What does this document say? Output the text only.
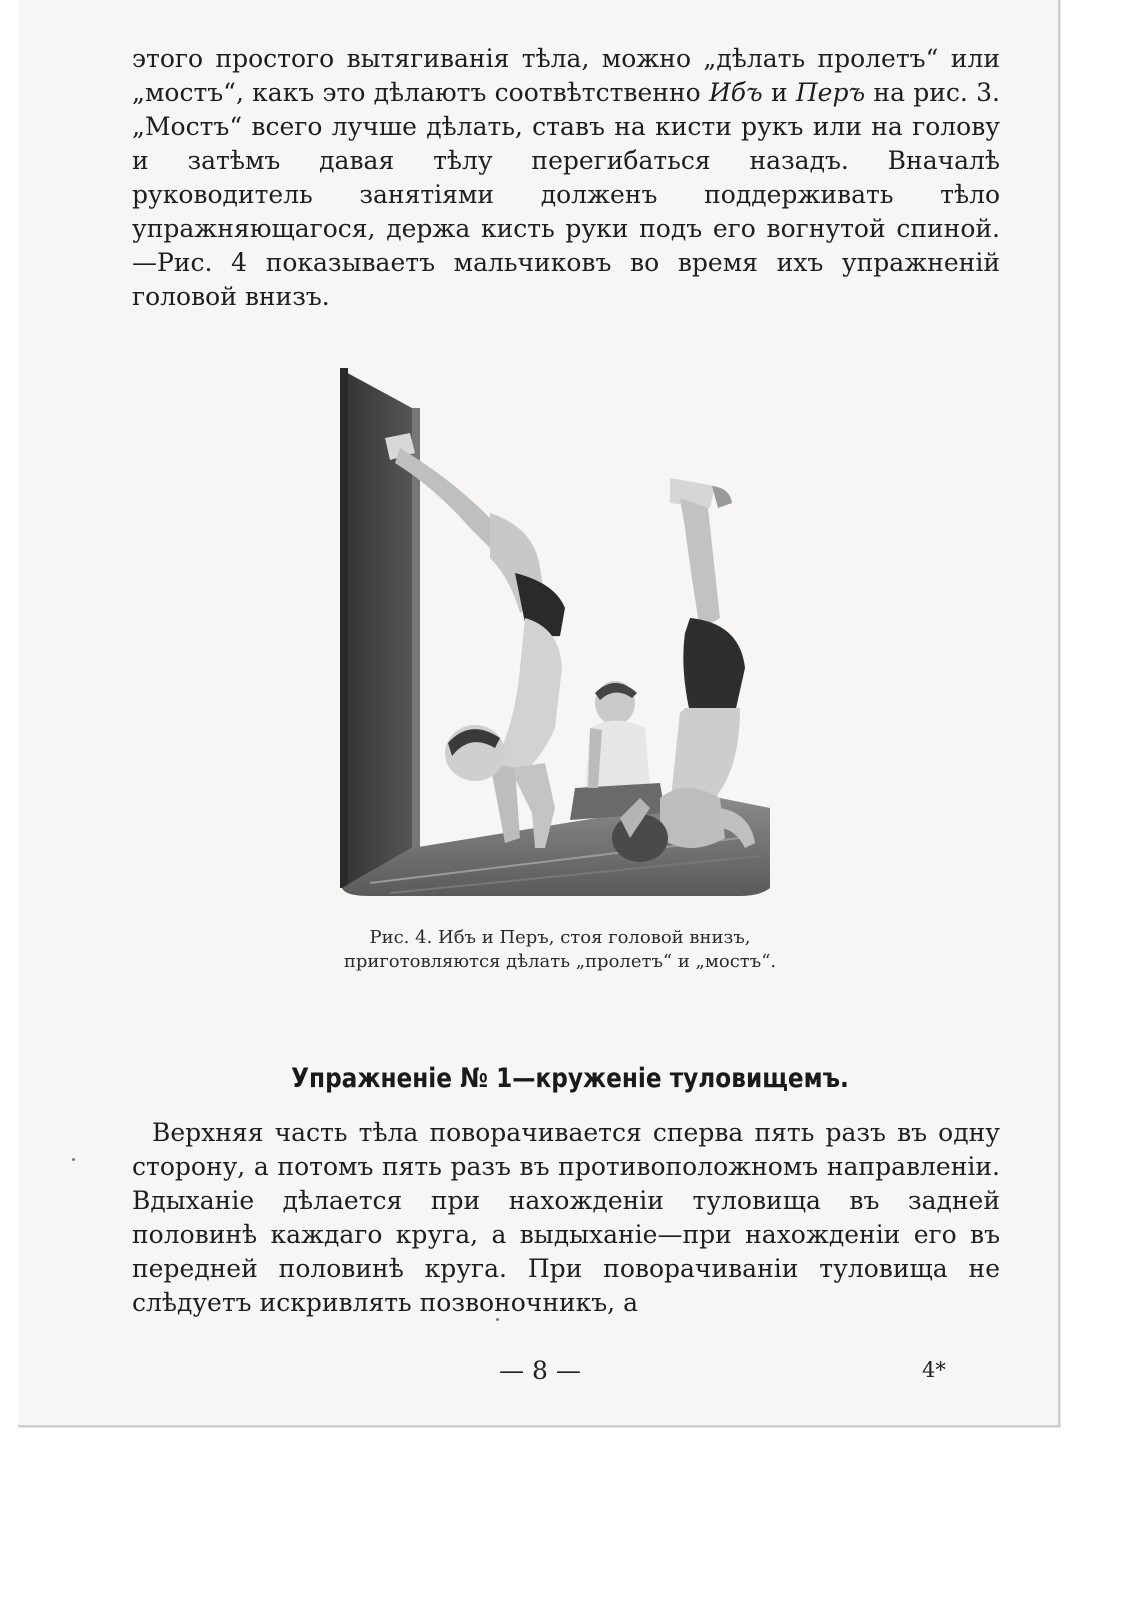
этого простого вытягиванія тѣла, можно „дѣлать пролетъ“ или „мостъ“, какъ это дѣлаютъ соотвѣтственно Ибъ и Перъ на рис. 3. „Мостъ“ всего лучше дѣлать, ставъ на кисти рукъ или на голову и затѣмъ давая тѣлу перегибаться назадъ. Вначалѣ руководитель занятіями долженъ поддерживать тѣло упражняющагося, держа кисть руки подъ его вогнутой спиной.—Рис. 4 показываетъ мальчиковъ во время ихъ упражненій головой внизъ.

Рис. 4. Ибъ и Перъ, стоя головой внизъ, приготовляются дѣлать „пролетъ“ и „мостъ“.
Упражненіе № 1—круженіе туловищемъ.

Верхняя часть тѣла поворачивается сперва пять разъ въ одну сторону, а потомъ пять разъ въ противоположномъ направленіи. Вдыханіе дѣлается при нахожденіи туловища въ задней половинѣ каждаго круга, а выдыханіе—при нахожденіи его въ передней половинѣ круга. При поворачиваніи туловища не слѣдуетъ искривлять позвоночникъ, а

— 8 —	4*
